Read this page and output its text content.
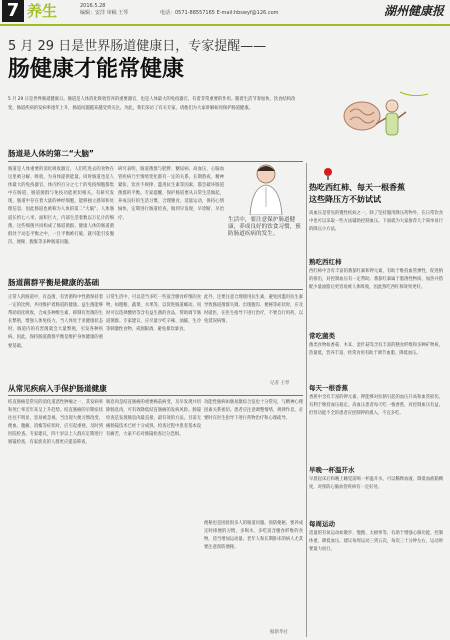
7 养生	2016.5.28
编辑：安洋 审稿 王琴	电话：0571-88557165 E-mail:hbswyf@126.com	湖州健康报
5 月 29 日是世界肠道健康日，专家提醒——
肠健康才能常健康
5 月 29 日是世界肠道健康日。肠道是人体消化吸收营养的重要器官，也是人体最大的免疫器官，有着非常重要的作用。随着生活节奏加快、饮食结构改变，肠道疾病的发病率逐年上升，肠道问题越来越受到关注。为此，我们采访了有关专家，请他们为大家讲解如何保护肠道健康。
肠道是人体的第二“大脑”
肠道是人体重要的消化吸收器官，人们吃进去的食物在这里被分解、吸收，为身体提供能量。同时肠道也是人体最大的免疫器官，体内约百分之七十的免疫细胞都集中在肠道，肠道菌群与免疫功能密切相关。有研究发现，肠道中存在着大量的神经细胞，能够独立感知和处理信息，因此肠道也被称为人体的第二“大脑”。人体肠道长约七八米，面积巨大，内部生活着数以万亿计的细菌，这些细菌共同构成了肠道菌群。健康人体的肠道菌群处于动态平衡之中，一旦平衡被打破，就可能引发腹泻、便秘、腹胀等多种肠道问题。
研究表明，肠道菌群与肥胖、糖尿病、高血压、心脑血管疾病乃至情绪变化都有一定的关系。长期熬夜、精神紧张、饮食不规律、滥用抗生素等因素，都会破坏肠道菌群的平衡。专家提醒，保护肠道要从日常生活做起，养成良好的生活习惯，合理膳食，适量运动，保持心情愉快，定期进行肠道检查，做到早发现、早诊断、早治疗。	生活中，要注意保护肠道健康，养成良好的饮食习惯，预防肠道疾病的发生。
肠道菌群平衡是健康的基础
正常人的肠道中，有益菌、有害菌和中性菌保持着一定的比例，共同维护着肠道的健康。益生菌能够帮助消化吸收，合成多种维生素，抑制有害菌的生长繁殖，增强人体免疫力。当人体处于亚健康状态时，肠道内的有害菌就会大量繁殖，引发各种疾病。因此，保持肠道菌群平衡是维护身体健康的重要基础。
日常生活中，可以适当多吃一些富含膳食纤维的食物，如粗粮、蔬菜、水果等，以促进肠道蠕动。同时可以选择酸奶等含有益生菌的食品，帮助调节肠道菌群。专家建议，应尽量少吃辛辣、油腻、生冷等刺激性食物，戒烟限酒，避免暴饮暴食。
此外，还要注意合理使用抗生素，避免因滥用抗生素导致肠道菌群失调。出现腹泻、便秘等症状时，应及时就医，在医生指导下进行治疗，不要自行用药，以免延误病情。
从常见疾病入手保护肠道健康
结直肠癌是常见的消化道恶性肿瘤之一，其发病率和死亡率近年来呈上升趋势。结直肠癌的早期症状往往不明显，容易被忽视。当出现大便习惯改变、便血、腹痛、消瘦等症状时，应引起重视，及时到医院检查。专家建议，四十岁以上人群应定期进行肠镜检查，有家族史的人群更应提前筛查。
肠息肉是结直肠癌的重要癌前病变，及早发现并切除肠息肉，可有效降低结直肠癌的发病风险。肠镜检查是发现肠息肉最直接、最有效的方法。目前无痛肠镜技术已经十分成熟，检查过程中患者基本没有痛苦，大家不必对肠镜检查过分恐惧。
功能性肠病如肠易激综合征也十分常见，与精神心理因素关系密切。患者应注意调整情绪，规律作息，必要时在医生指导下进行药物治疗和心理疏导。
便秘也是困扰很多人的肠道问题。预防便秘，要养成定时排便的习惯，多喝水，多吃富含膳食纤维的食物，适当增加运动量。老年人和长期卧床的病人尤其要注意预防便秘。
热吃西红柿、每天一根香蕉
这些降压方不妨试试
高血压是常见的慢性疾病之一，除了坚持服用降压药物外，在日常饮食中也可以采取一些方法辅助控制血压。下面就为大家推荐几个简单易行的降压小方法。
熟吃西红柿
西红柿中含有丰富的番茄红素和钾元素，有助于维持血管弹性、促进钠的排出，对控制血压有一定帮助。番茄红素属于脂溶性物质，加热并搭配少量油脂后更容易被人体吸收，因此熟吃西红柿效果更好。
常吃菌类
菌类食物如香菇、木耳、金针菇等含有丰富的膳食纤维和多种矿物质，热量低，营养丰富，经常食用有助于调节血脂、降低血压。
每天一根香蕉
香蕉中含有丰富的钾元素，钾能够对抗钠引起的血压升高和血管损伤，有利于维持血压稳定。高血压患者每天吃一根香蕉，对控制血压有益。但肾功能不全的患者应控制钾的摄入，不宜多吃。
早晚一杯温开水
早晨起床后和晚上睡觉前喝一杯温开水，可以稀释血液，降低血液黏稠度，对预防心脑血管疾病有一定好处。
每周运动
适量的有氧运动如散步、慢跑、太极拳等，有助于增强心肺功能、控制体重、降低血压。建议每周运动三到五次，每次三十分钟左右，运动时要量力而行。
记者 王琴
据新华社
